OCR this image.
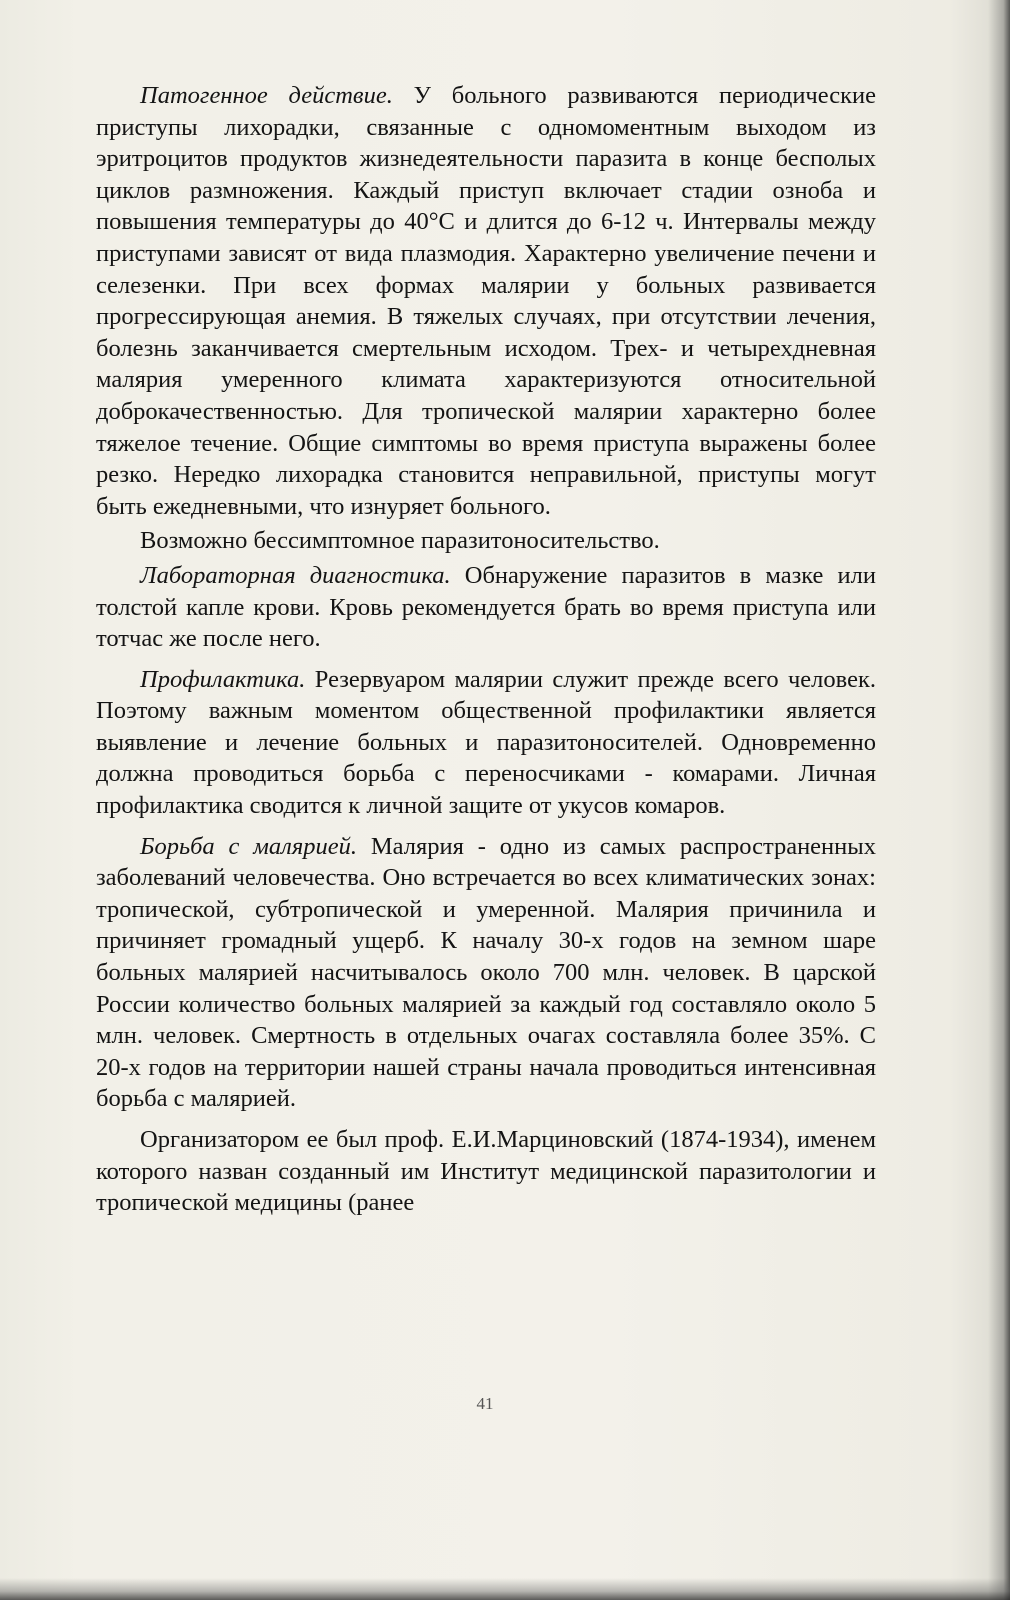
Патогенное действие. У больного развиваются периодические приступы лихорадки, связанные с одномоментным выходом из эритроцитов продуктов жизнедеятельности паразита в конце бесполых циклов размножения. Каждый приступ включает стадии озноба и повышения температуры до 40°С и длится до 6-12 ч. Интервалы между приступами зависят от вида плазмодия. Характерно увеличение печени и селезенки. При всех формах малярии у больных развивается прогрессирующая анемия. В тяжелых случаях, при отсутствии лечения, болезнь заканчивается смертельным исходом. Трех- и четырехдневная малярия умеренного климата характеризуются относительной доброкачественностью. Для тропической малярии характерно более тяжелое течение. Общие симптомы во время приступа выражены более резко. Нередко лихорадка становится неправильной, приступы могут быть ежедневными, что изнуряет больного.

Возможно бессимптомное паразитоносительство.

Лабораторная диагностика. Обнаружение паразитов в мазке или толстой капле крови. Кровь рекомендуется брать во время приступа или тотчас же после него.

Профилактика. Резервуаром малярии служит прежде всего человек. Поэтому важным моментом общественной профилактики является выявление и лечение больных и паразитоносителей. Одновременно должна проводиться борьба с переносчиками - комарами. Личная профилактика сводится к личной защите от укусов комаров.

Борьба с малярией. Малярия - одно из самых распространенных заболеваний человечества. Оно встречается во всех климатических зонах: тропической, субтропической и умеренной. Малярия причинила и причиняет громадный ущерб. К началу 30-х годов на земном шаре больных малярией насчитывалось около 700 млн. человек. В царской России количество больных малярией за каждый год составляло около 5 млн. человек. Смертность в отдельных очагах составляла более 35%. С 20-х годов на территории нашей страны начала проводиться интенсивная борьба с малярией.

Организатором ее был проф. Е.И.Марциновский (1874-1934), именем которого назван созданный им Институт медицинской паразитологии и тропической медицины (ранее

41
